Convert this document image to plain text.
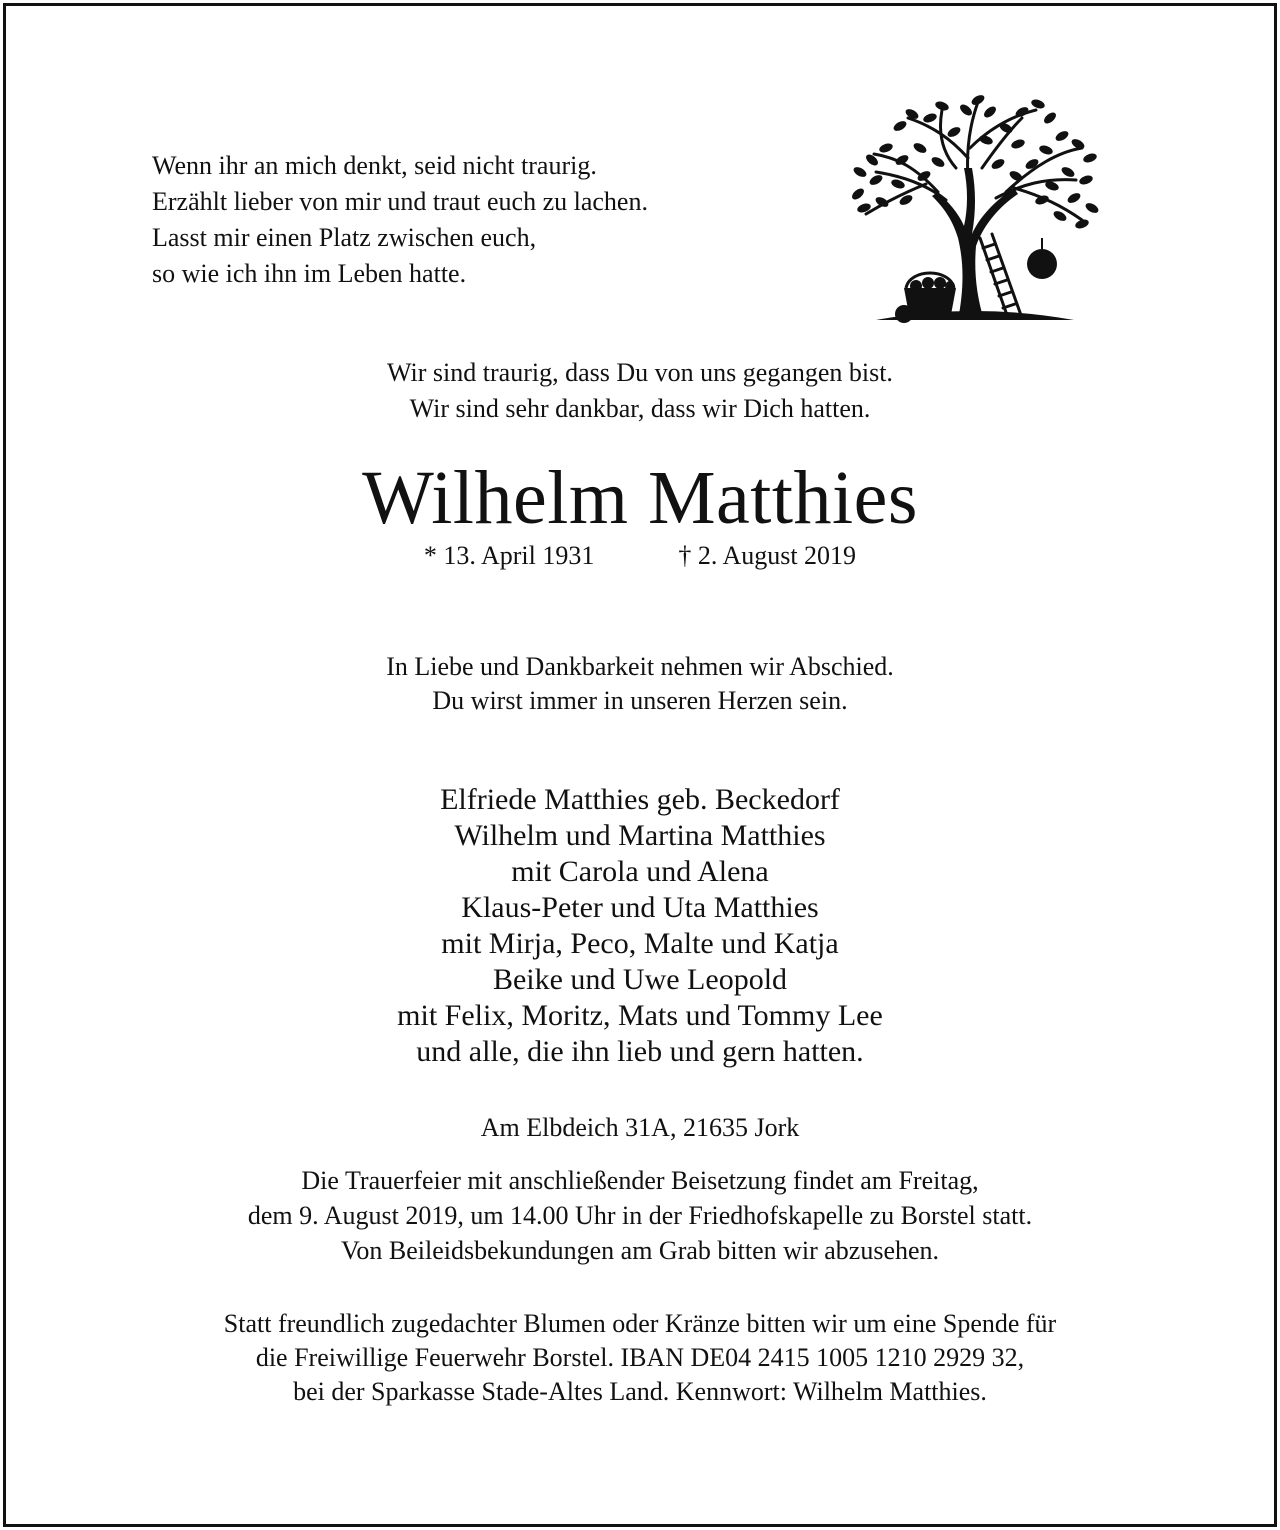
Wenn ihr an mich denkt, seid nicht traurig.
Erzählt lieber von mir und traut euch zu lachen.
Lasst mir einen Platz zwischen euch,
so wie ich ihn im Leben hatte.
Wir sind traurig, dass Du von uns gegangen bist.
Wir sind sehr dankbar, dass wir Dich hatten.
Wilhelm Matthies
* 13. April 1931	† 2. August 2019
In Liebe und Dankbarkeit nehmen wir Abschied.
Du wirst immer in unseren Herzen sein.
Elfriede Matthies geb. Beckedorf
Wilhelm und Martina Matthies
mit Carola und Alena
Klaus-Peter und Uta Matthies
mit Mirja, Peco, Malte und Katja
Beike und Uwe Leopold
mit Felix, Moritz, Mats und Tommy Lee
und alle, die ihn lieb und gern hatten.
Am Elbdeich 31A, 21635 Jork
Die Trauerfeier mit anschließender Beisetzung findet am Freitag,
dem 9. August 2019, um 14.00 Uhr in der Friedhofskapelle zu Borstel statt.
Von Beileidsbekundungen am Grab bitten wir abzusehen.
Statt freundlich zugedachter Blumen oder Kränze bitten wir um eine Spende für
die Freiwillige Feuerwehr Borstel. IBAN DE04 2415 1005 1210 2929 32,
bei der Sparkasse Stade-Altes Land. Kennwort: Wilhelm Matthies.
